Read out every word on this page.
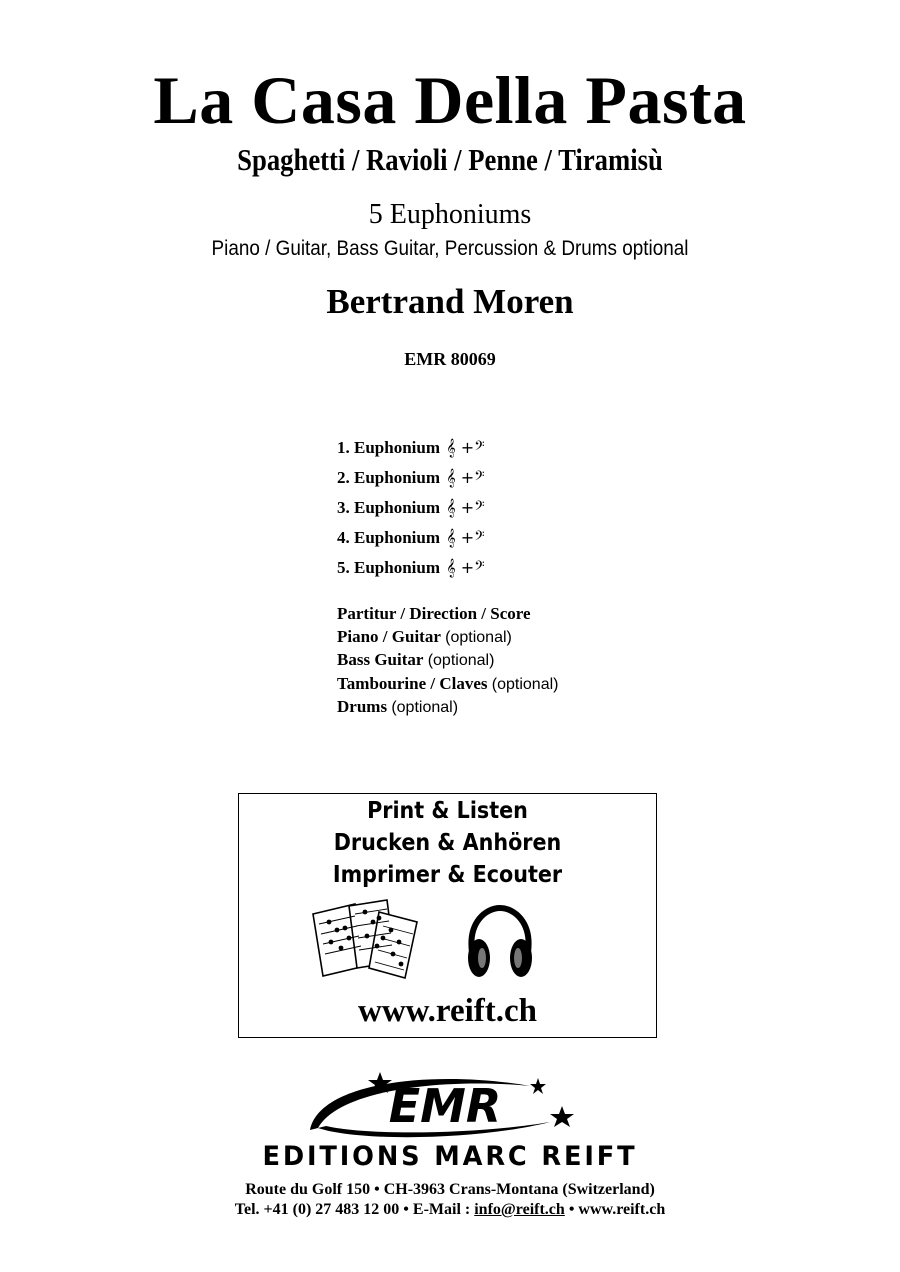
La Casa Della Pasta
Spaghetti / Ravioli / Penne / Tiramisù
5 Euphoniums
Piano / Guitar, Bass Guitar, Percussion & Drums optional
Bertrand Moren
EMR 80069
1. Euphonium 𝄞 +𝄢
2. Euphonium 𝄞 +𝄢
3. Euphonium 𝄞 +𝄢
4. Euphonium 𝄞 +𝄢
5. Euphonium 𝄞 +𝄢
Partitur / Direction / Score
Piano / Guitar (optional)
Bass Guitar (optional)
Tambourine / Claves (optional)
Drums (optional)
Print & Listen
Drucken & Anhören
Imprimer & Ecouter
www.reift.ch
EMR
EDITIONS MARC REIFT
Route du Golf 150 • CH-3963 Crans-Montana (Switzerland)
Tel. +41 (0) 27 483 12 00 • E-Mail : info@reift.ch • www.reift.ch
